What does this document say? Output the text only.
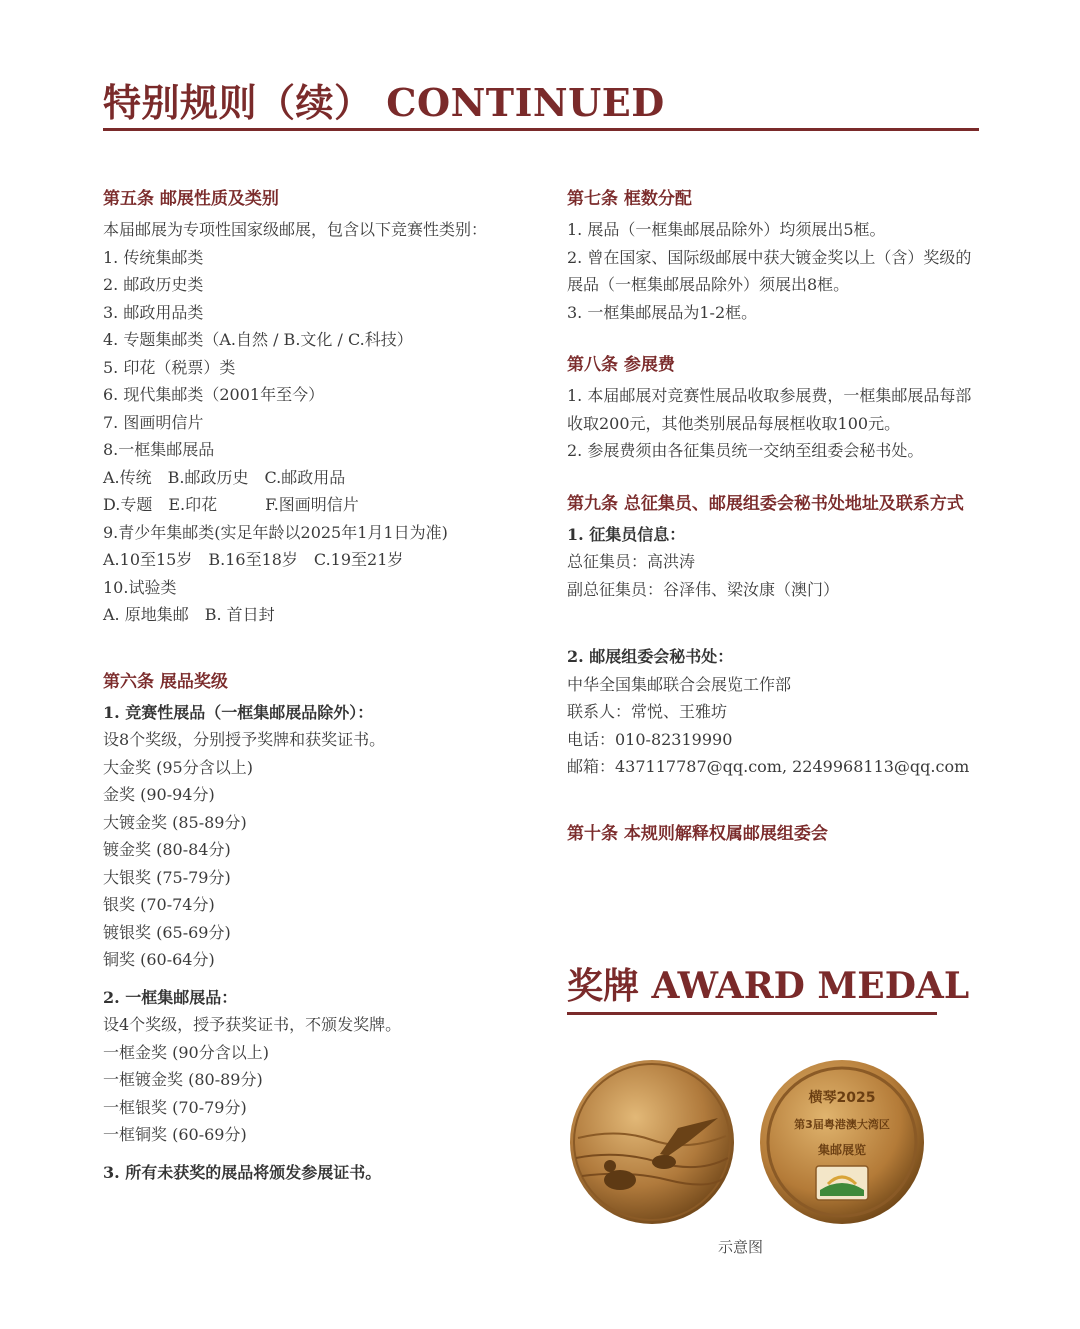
特别规则（续） CONTINUED
第五条 邮展性质及类别
本届邮展为专项性国家级邮展，包含以下竞赛性类别：
1. 传统集邮类
2. 邮政历史类
3. 邮政用品类
4. 专题集邮类（A.自然 / B.文化 / C.科技）
5. 印花（税票）类
6. 现代集邮类（2001年至今）
7. 图画明信片
8.一框集邮展品
A.传统　B.邮政历史　C.邮政用品
D.专题　E.印花　　　F.图画明信片
9.青少年集邮类(实足年龄以2025年1月1日为准)
A.10至15岁　B.16至18岁　C.19至21岁
10.试验类
A. 原地集邮　B. 首日封
第六条 展品奖级
1. 竞赛性展品（一框集邮展品除外）：
设8个奖级，分别授予奖牌和获奖证书。
大金奖 (95分含以上)
金奖 (90-94分)
大镀金奖 (85-89分)
镀金奖 (80-84分)
大银奖 (75-79分)
银奖 (70-74分)
镀银奖 (65-69分)
铜奖 (60-64分)
2. 一框集邮展品：
设4个奖级，授予获奖证书，不颁发奖牌。
一框金奖 (90分含以上)
一框镀金奖 (80-89分)
一框银奖 (70-79分)
一框铜奖 (60-69分)
3. 所有未获奖的展品将颁发参展证书。
第七条 框数分配
1. 展品（一框集邮展品除外）均须展出5框。
2. 曾在国家、国际级邮展中获大镀金奖以上（含）奖级的展品（一框集邮展品除外）须展出8框。
3. 一框集邮展品为1-2框。
第八条 参展费
1. 本届邮展对竞赛性展品收取参展费，一框集邮展品每部收取200元，其他类别展品每展框收取100元。
2. 参展费须由各征集员统一交纳至组委会秘书处。
第九条 总征集员、邮展组委会秘书处地址及联系方式
1. 征集员信息：
总征集员：高洪涛
副总征集员：谷泽伟、梁汝康（澳门）
2. 邮展组委会秘书处：
中华全国集邮联合会展览工作部
联系人：常悦、王雅坊
电话：010-82319990
邮箱：437117787@qq.com, 2249968113@qq.com
第十条 本规则解释权属邮展组委会
奖牌 AWARD MEDAL
横琴2025
第3届粤港澳大湾区
集邮展览
示意图
